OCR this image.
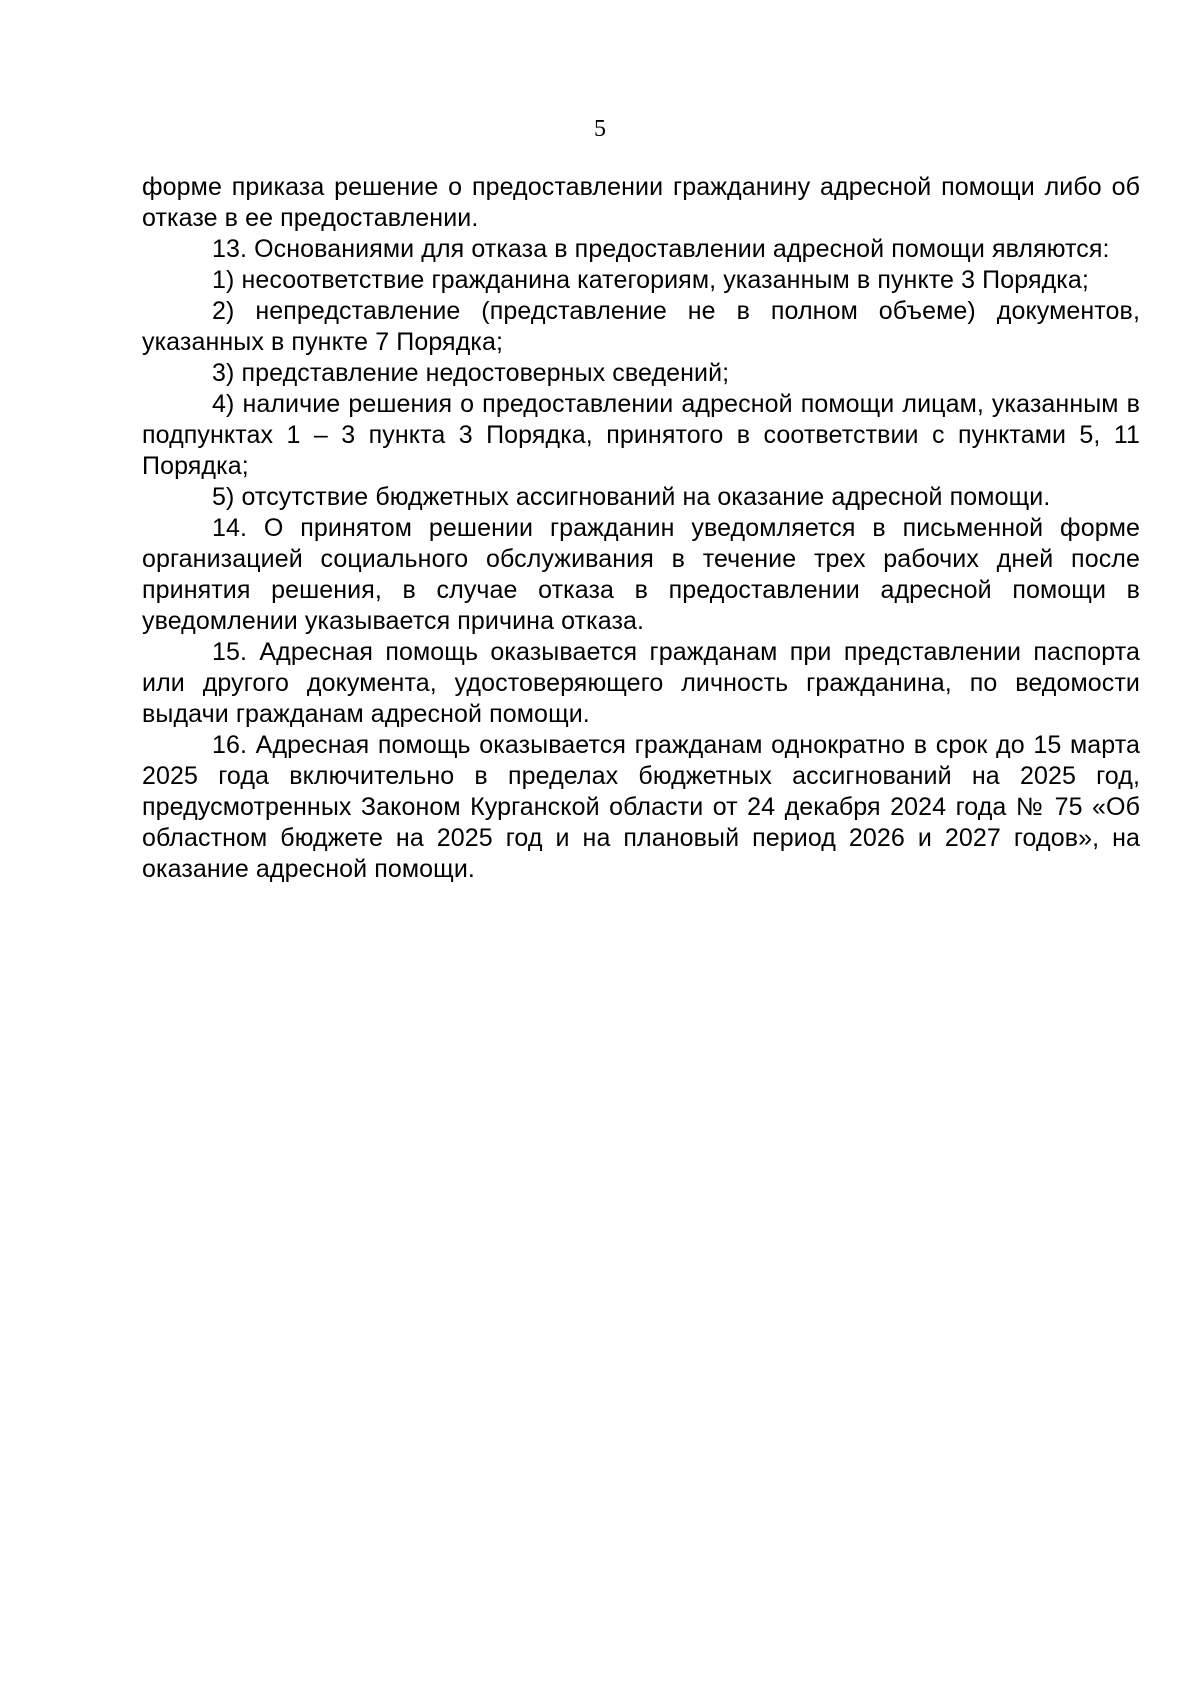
5

форме приказа решение о предоставлении гражданину адресной помощи либо об отказе в ее предоставлении.

13. Основаниями для отказа в предоставлении адресной помощи являются:

1) несоответствие гражданина категориям, указанным в пункте 3 Порядка;

2) непредставление (представление не в полном объеме) документов, указанных в пункте 7 Порядка;

3) представление недостоверных сведений;

4) наличие решения о предоставлении адресной помощи лицам, указанным в подпунктах 1 – 3 пункта 3 Порядка, принятого в соответствии с пунктами 5, 11 Порядка;

5) отсутствие бюджетных ассигнований на оказание адресной помощи.

14. О принятом решении гражданин уведомляется в письменной форме организацией социального обслуживания в течение трех рабочих дней после принятия решения, в случае отказа в предоставлении адресной помощи в уведомлении указывается причина отказа.

15. Адресная помощь оказывается гражданам при представлении паспорта или другого документа, удостоверяющего личность гражданина, по ведомости выдачи гражданам адресной помощи.

16. Адресная помощь оказывается гражданам однократно в срок до 15 марта 2025 года включительно в пределах бюджетных ассигнований на 2025 год, предусмотренных Законом Курганской области от 24 декабря 2024 года № 75 «Об областном бюджете на 2025 год и на плановый период 2026 и 2027 годов», на оказание адресной помощи.
